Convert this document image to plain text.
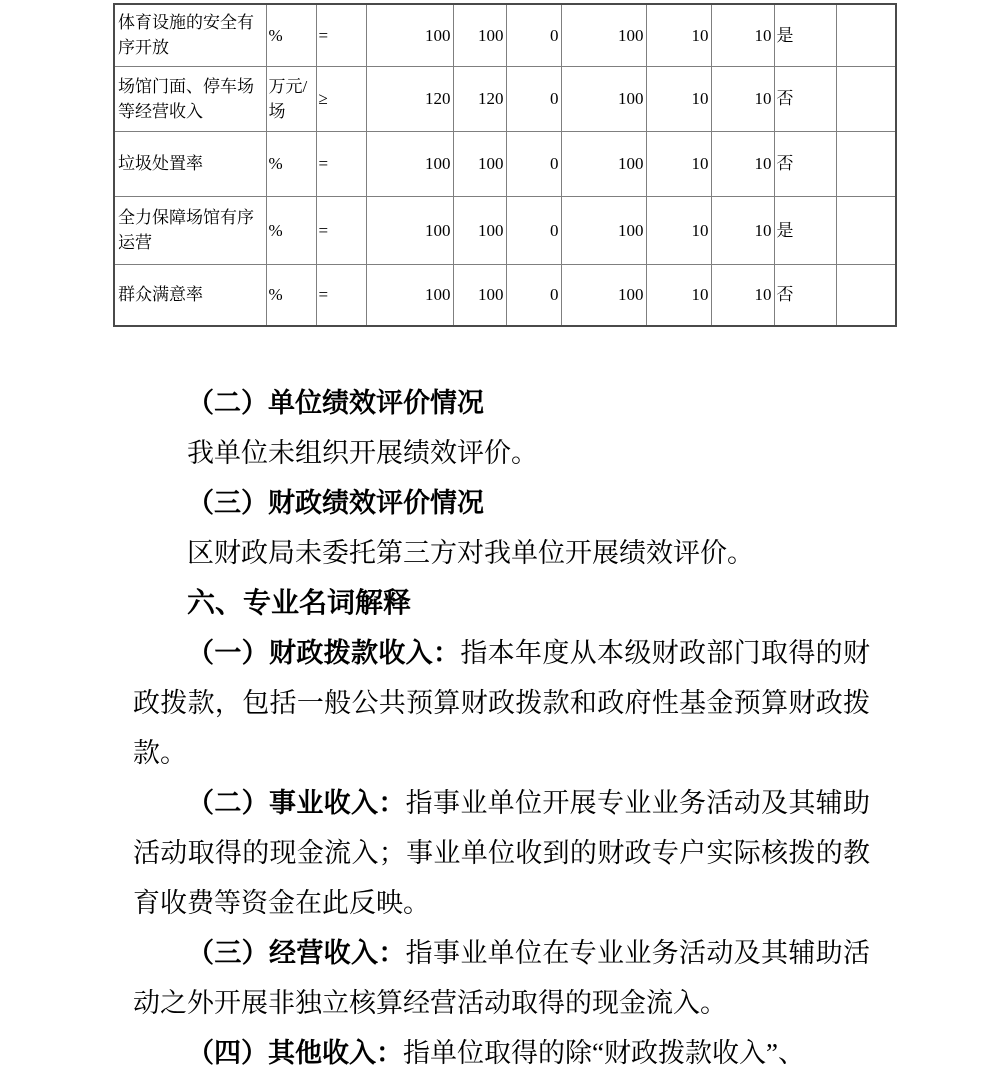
体育设施的安全有序开放	%	=	100	100	0	100	10	10	是	
场馆门面、停车场等经营收入	万元/场	≥	120	120	0	100	10	10	否	
垃圾处置率	%	=	100	100	0	100	10	10	否	
全力保障场馆有序运营	%	=	100	100	0	100	10	10	是	
群众满意率	%	=	100	100	0	100	10	10	否	

（二）单位绩效评价情况

我单位未组织开展绩效评价。

（三）财政绩效评价情况

区财政局未委托第三方对我单位开展绩效评价。

六、专业名词解释

（一）财政拨款收入：指本年度从本级财政部门取得的财政拨款，包括一般公共预算财政拨款和政府性基金预算财政拨款。

（二）事业收入：指事业单位开展专业业务活动及其辅助活动取得的现金流入；事业单位收到的财政专户实际核拨的教育收费等资金在此反映。

（三）经营收入：指事业单位在专业业务活动及其辅助活动之外开展非独立核算经营活动取得的现金流入。

（四）其他收入：指单位取得的除“财政拨款收入”、
